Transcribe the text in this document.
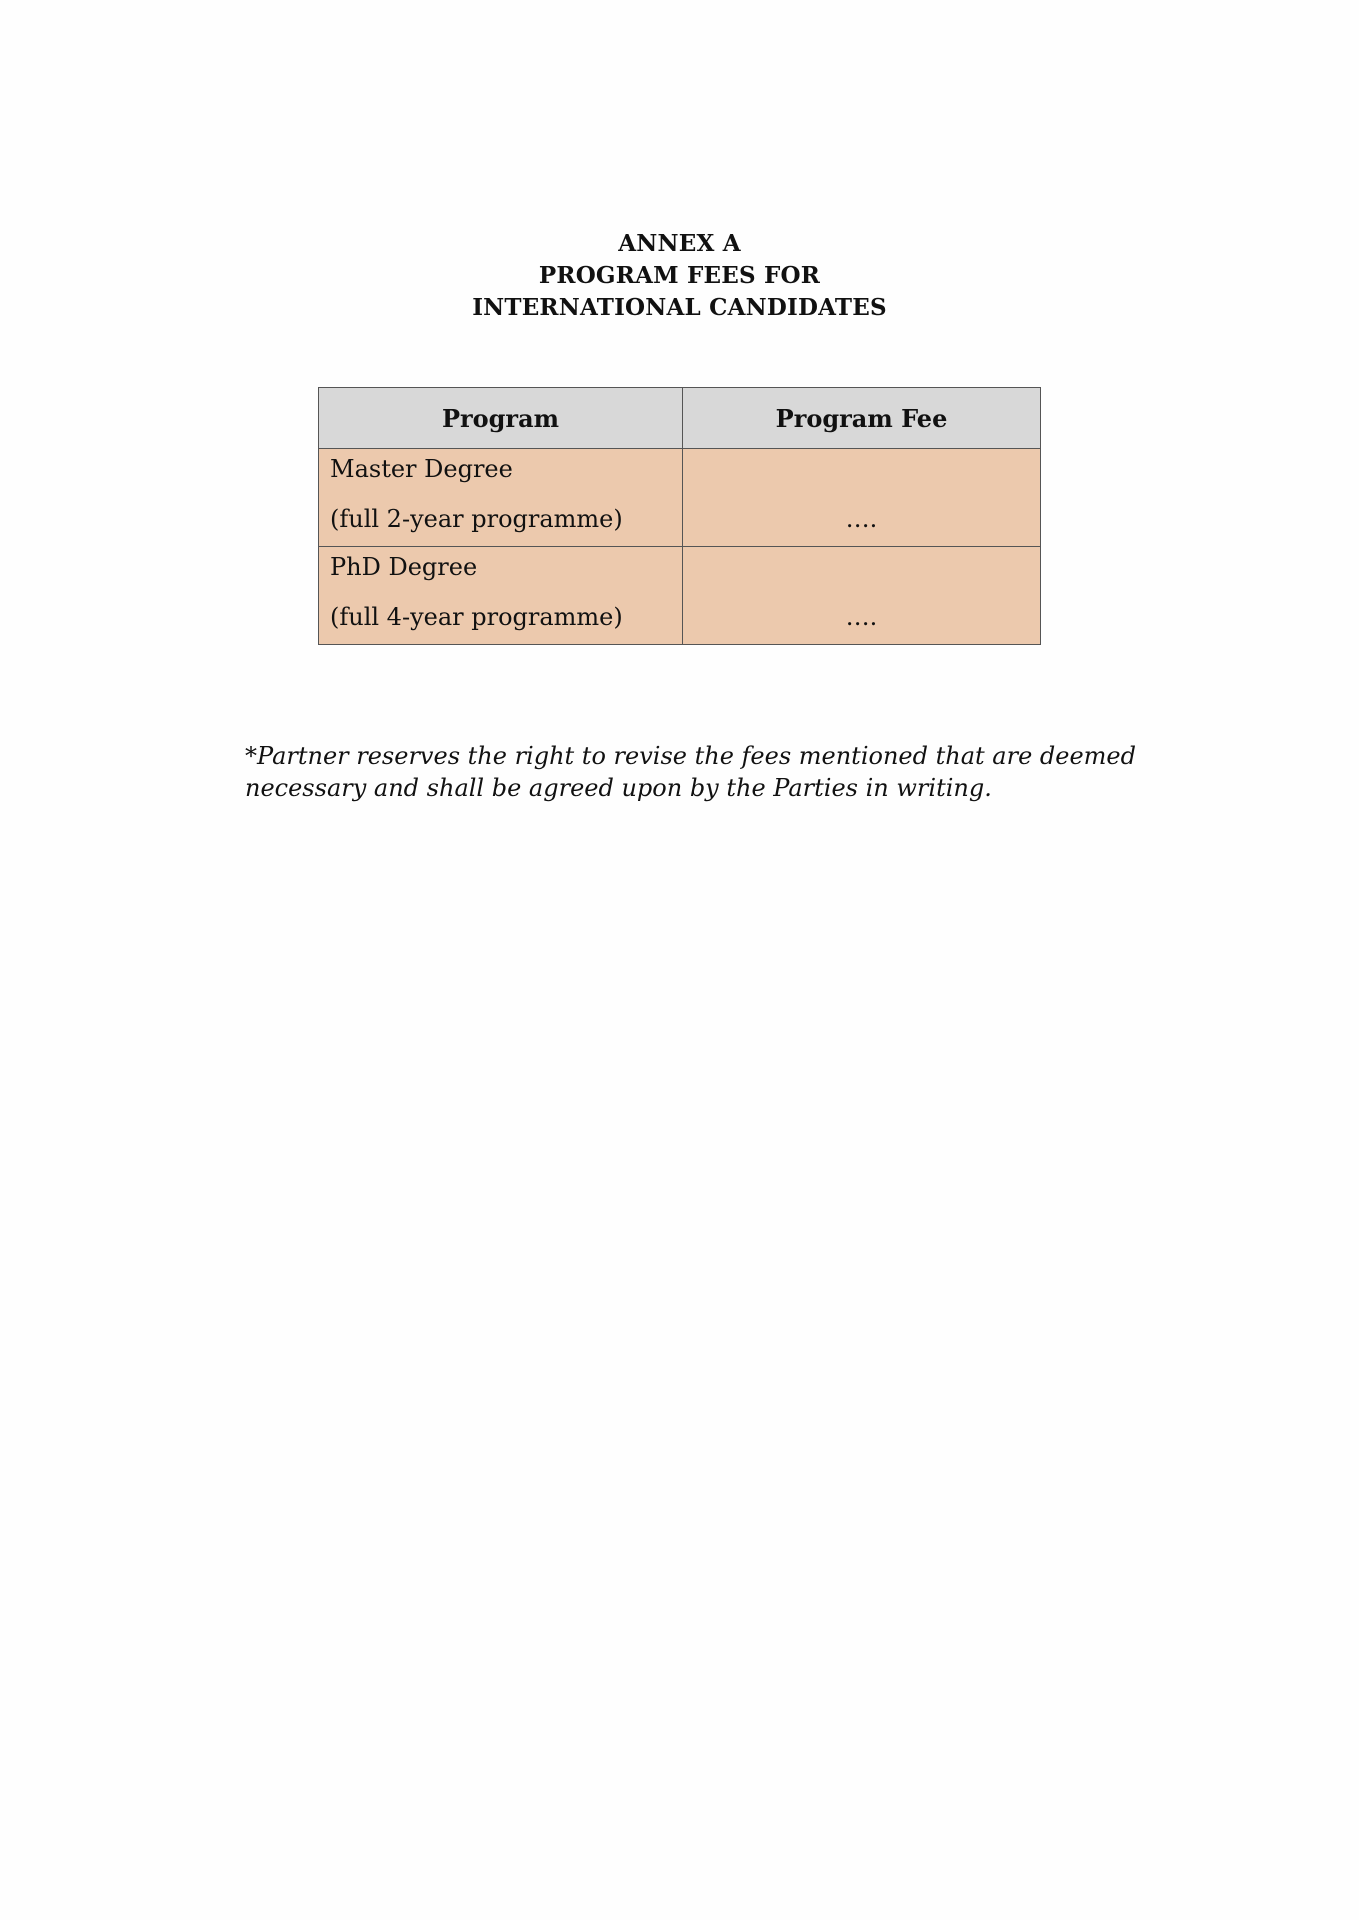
ANNEX A
PROGRAM FEES FOR
INTERNATIONAL CANDIDATES
Program	Program Fee

Master Degree
(full 2-year programme)	….

PhD Degree
(full 4-year programme)	….
*Partner reserves the right to revise the fees mentioned that are deemed
necessary and shall be agreed upon by the Parties in writing.
